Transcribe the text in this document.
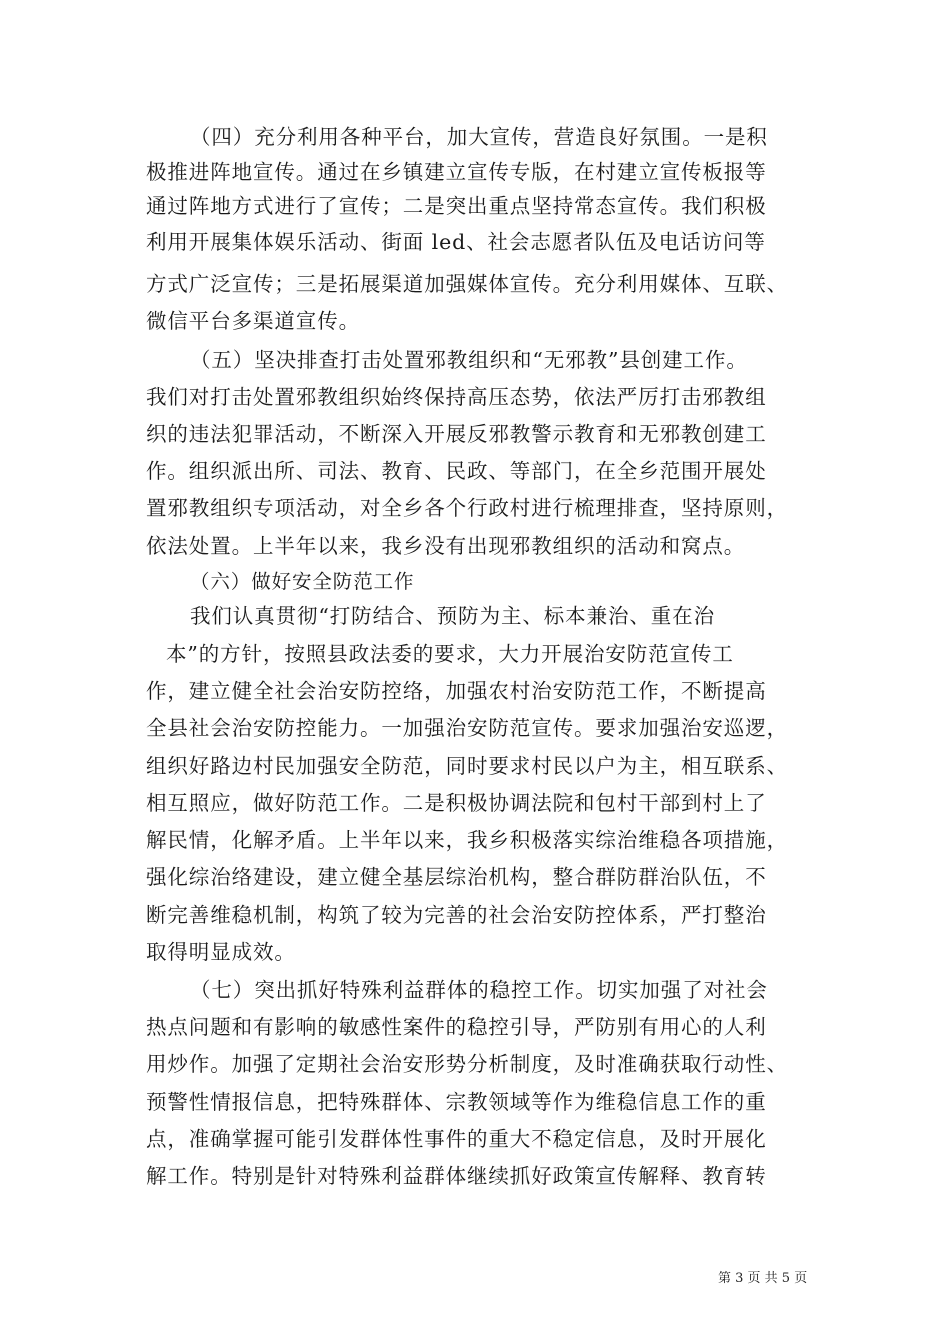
（四）充分利用各种平台，加大宣传，营造良好氛围。一是积
极推进阵地宣传。通过在乡镇建立宣传专版，在村建立宣传板报等
通过阵地方式进行了宣传；二是突出重点坚持常态宣传。我们积极
利用开展集体娱乐活动、街面 led、社会志愿者队伍及电话访问等
方式广泛宣传；三是拓展渠道加强媒体宣传。充分利用媒体、互联、
微信平台多渠道宣传。
（五）坚决排查打击处置邪教组织和“无邪教”县创建工作。
我们对打击处置邪教组织始终保持高压态势，依法严厉打击邪教组
织的违法犯罪活动，不断深入开展反邪教警示教育和无邪教创建工
作。组织派出所、司法、教育、民政、等部门，在全乡范围开展处
置邪教组织专项活动，对全乡各个行政村进行梳理排查，坚持原则，
依法处置。上半年以来，我乡没有出现邪教组织的活动和窝点。
（六）做好安全防范工作
我们认真贯彻“打防结合、预防为主、标本兼治、重在治
本”的方针，按照县政法委的要求，大力开展治安防范宣传工
作，建立健全社会治安防控络，加强农村治安防范工作，不断提高
全县社会治安防控能力。一加强治安防范宣传。要求加强治安巡逻，
组织好路边村民加强安全防范，同时要求村民以户为主，相互联系、
相互照应，做好防范工作。二是积极协调法院和包村干部到村上了
解民情，化解矛盾。上半年以来，我乡积极落实综治维稳各项措施，
强化综治络建设，建立健全基层综治机构，整合群防群治队伍，不
断完善维稳机制，构筑了较为完善的社会治安防控体系，严打整治
取得明显成效。
（七）突出抓好特殊利益群体的稳控工作。切实加强了对社会
热点问题和有影响的敏感性案件的稳控引导，严防别有用心的人利
用炒作。加强了定期社会治安形势分析制度，及时准确获取行动性、
预警性情报信息，把特殊群体、宗教领域等作为维稳信息工作的重
点，准确掌握可能引发群体性事件的重大不稳定信息，及时开展化
解工作。特别是针对特殊利益群体继续抓好政策宣传解释、教育转
第 3 页 共 5 页
